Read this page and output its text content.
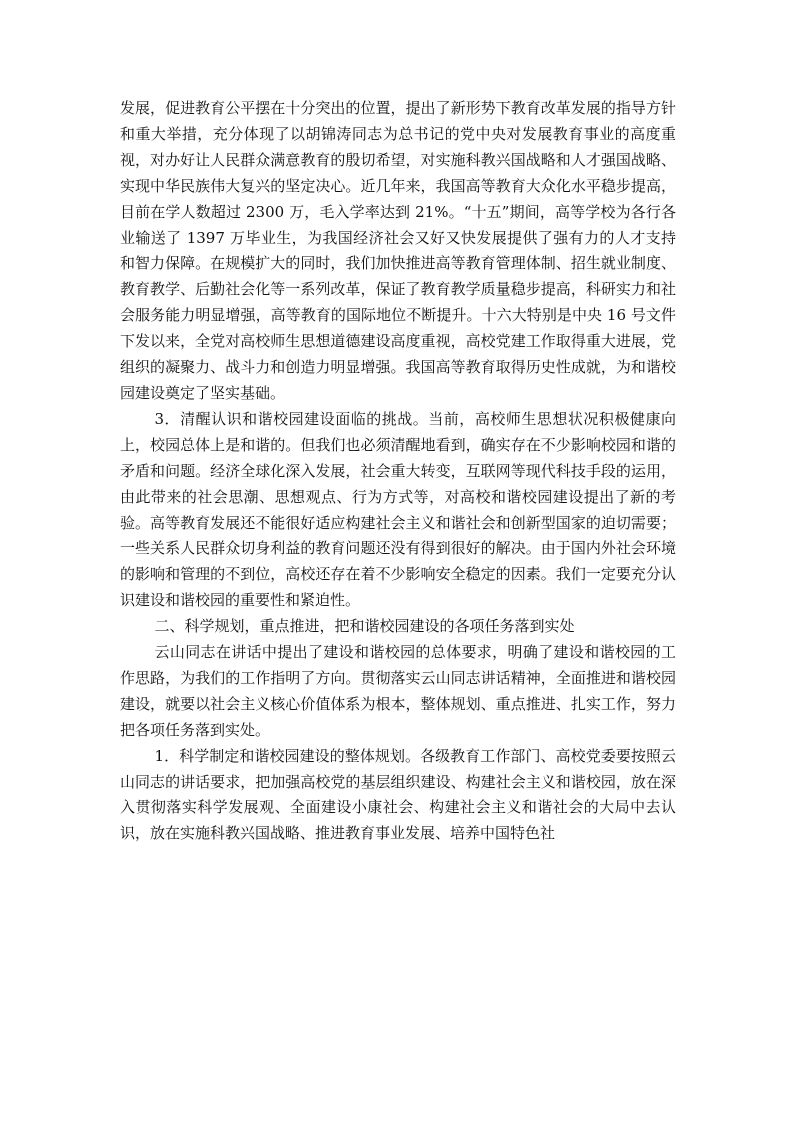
发展，促进教育公平摆在十分突出的位置，提出了新形势下教育改革发展的指导方针和重大举措，充分体现了以胡锦涛同志为总书记的党中央对发展教育事业的高度重视，对办好让人民群众满意教育的殷切希望，对实施科教兴国战略和人才强国战略、实现中华民族伟大复兴的坚定决心。近几年来，我国高等教育大众化水平稳步提高，目前在学人数超过 2300 万，毛入学率达到 21%。“十五”期间，高等学校为各行各业输送了 1397 万毕业生，为我国经济社会又好又快发展提供了强有力的人才支持和智力保障。在规模扩大的同时，我们加快推进高等教育管理体制、招生就业制度、教育教学、后勤社会化等一系列改革，保证了教育教学质量稳步提高，科研实力和社会服务能力明显增强，高等教育的国际地位不断提升。十六大特别是中央 16 号文件下发以来，全党对高校师生思想道德建设高度重视，高校党建工作取得重大进展，党组织的凝聚力、战斗力和创造力明显增强。我国高等教育取得历史性成就，为和谐校园建设奠定了坚实基础。

3．清醒认识和谐校园建设面临的挑战。当前，高校师生思想状况积极健康向上，校园总体上是和谐的。但我们也必须清醒地看到，确实存在不少影响校园和谐的矛盾和问题。经济全球化深入发展，社会重大转变，互联网等现代科技手段的运用，由此带来的社会思潮、思想观点、行为方式等，对高校和谐校园建设提出了新的考验。高等教育发展还不能很好适应构建社会主义和谐社会和创新型国家的迫切需要；一些关系人民群众切身利益的教育问题还没有得到很好的解决。由于国内外社会环境的影响和管理的不到位，高校还存在着不少影响安全稳定的因素。我们一定要充分认识建设和谐校园的重要性和紧迫性。

二、科学规划，重点推进，把和谐校园建设的各项任务落到实处

云山同志在讲话中提出了建设和谐校园的总体要求，明确了建设和谐校园的工作思路，为我们的工作指明了方向。贯彻落实云山同志讲话精神，全面推进和谐校园建设，就要以社会主义核心价值体系为根本，整体规划、重点推进、扎实工作，努力把各项任务落到实处。

1．科学制定和谐校园建设的整体规划。各级教育工作部门、高校党委要按照云山同志的讲话要求，把加强高校党的基层组织建设、构建社会主义和谐校园，放在深入贯彻落实科学发展观、全面建设小康社会、构建社会主义和谐社会的大局中去认识，放在实施科教兴国战略、推进教育事业发展、培养中国特色社
